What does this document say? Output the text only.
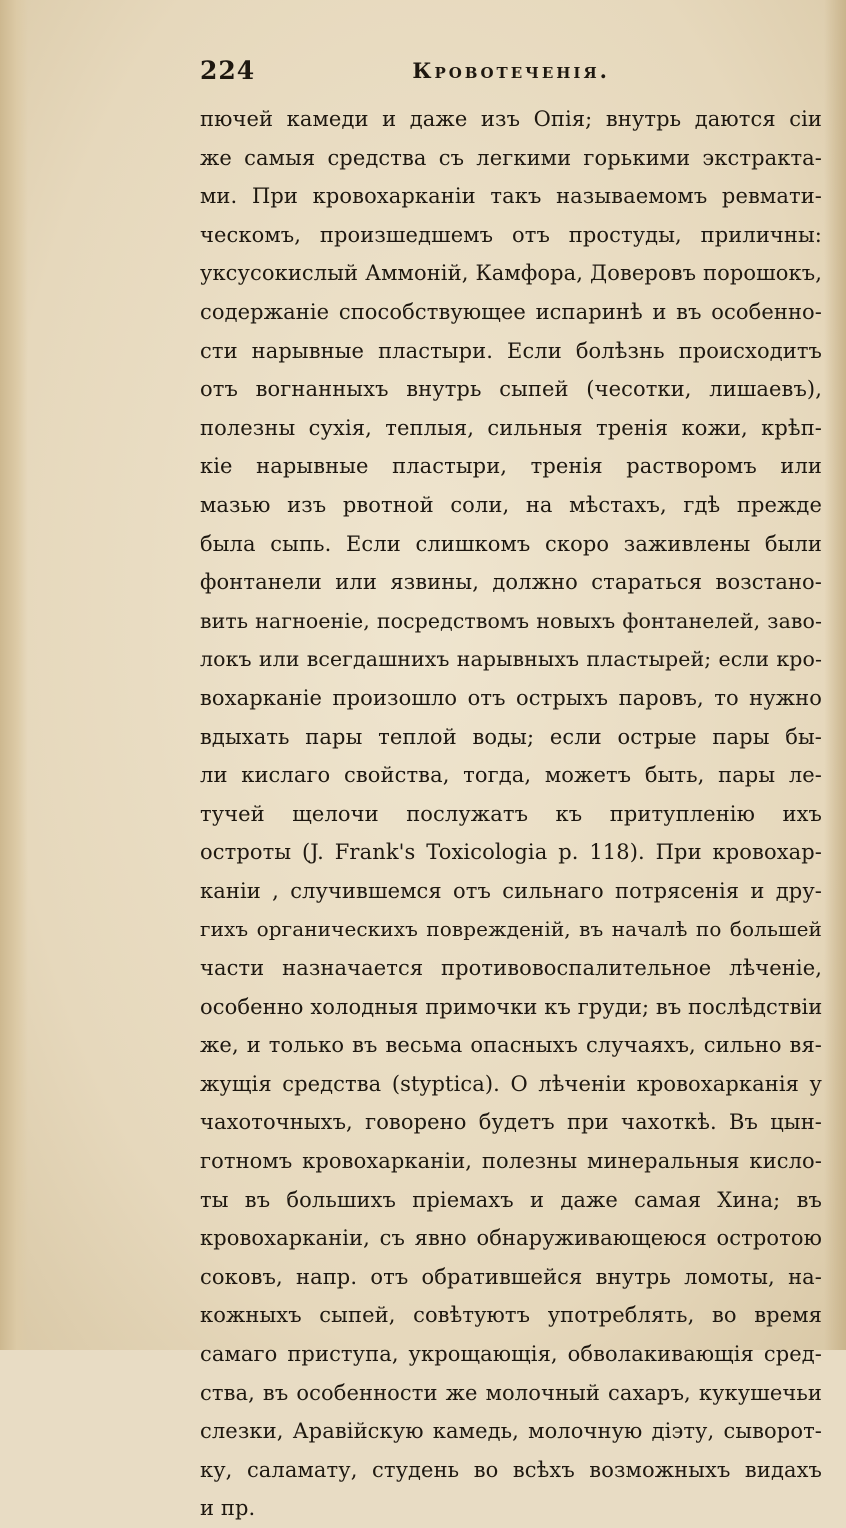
224	Кровотеченія.
пючей камеди и даже изъ Опія; внутрь даются сіи
же самыя средства съ легкими горькими экстракта-
ми. При кровохарканіи такъ называемомъ ревмати-
ческомъ, произшедшемъ отъ простуды, приличны:
уксусокислый Аммоній, Камфора, Доверовъ порошокъ,
содержаніе способствующее испаринѣ и въ особенно-
сти нарывные пластыри. Если болѣзнь происходитъ
отъ вогнанныхъ внутрь сыпей (чесотки, лишаевъ),
полезны сухія, теплыя, сильныя тренія кожи, крѣп-
кіе нарывные пластыри, тренія растворомъ или
мазью изъ рвотной соли, на мѣстахъ, гдѣ прежде
была сыпь. Если слишкомъ скоро заживлены были
фонтанели или язвины, должно стараться возстано-
вить нагноеніе, посредствомъ новыхъ фонтанелей, заво-
локъ или всегдашнихъ нарывныхъ пластырей; если кро-
вохарканіе произошло отъ острыхъ паровъ, то нужно
вдыхать пары теплой воды; если острые пары бы-
ли кислаго свойства, тогда, можетъ быть, пары ле-
тучей щелочи послужатъ къ притупленію ихъ
остроты (J. Frank's Toxicologia p. 118). При кровохар-
каніи , случившемся отъ сильнаго потрясенія и дру-
гихъ органическихъ поврежденій, въ началѣ по большей
части назначается противовоспалительное лѣченіе,
особенно холодныя примочки къ груди; въ послѣдствіи
же, и только въ весьма опасныхъ случаяхъ, сильно вя-
жущія средства (styptica). О лѣченіи кровохарканія у
чахоточныхъ, говорено будетъ при чахоткѣ. Въ цын-
готномъ кровохарканіи, полезны минеральныя кисло-
ты въ большихъ пріемахъ и даже самая Хина; въ
кровохарканіи, съ явно обнаруживающеюся остротою
соковъ, напр. отъ обратившейся внутрь ломоты, на-
кожныхъ сыпей, совѣтуютъ употреблять, во время
самаго приступа, укрощающія, обволакивающія сред-
ства, въ особенности же молочный сахаръ, кукушечьи
слезки, Аравійскую камедь, молочную діэту, сыворот-
ку, саламату, студень во всѣхъ возможныхъ видахъ
и пр.
